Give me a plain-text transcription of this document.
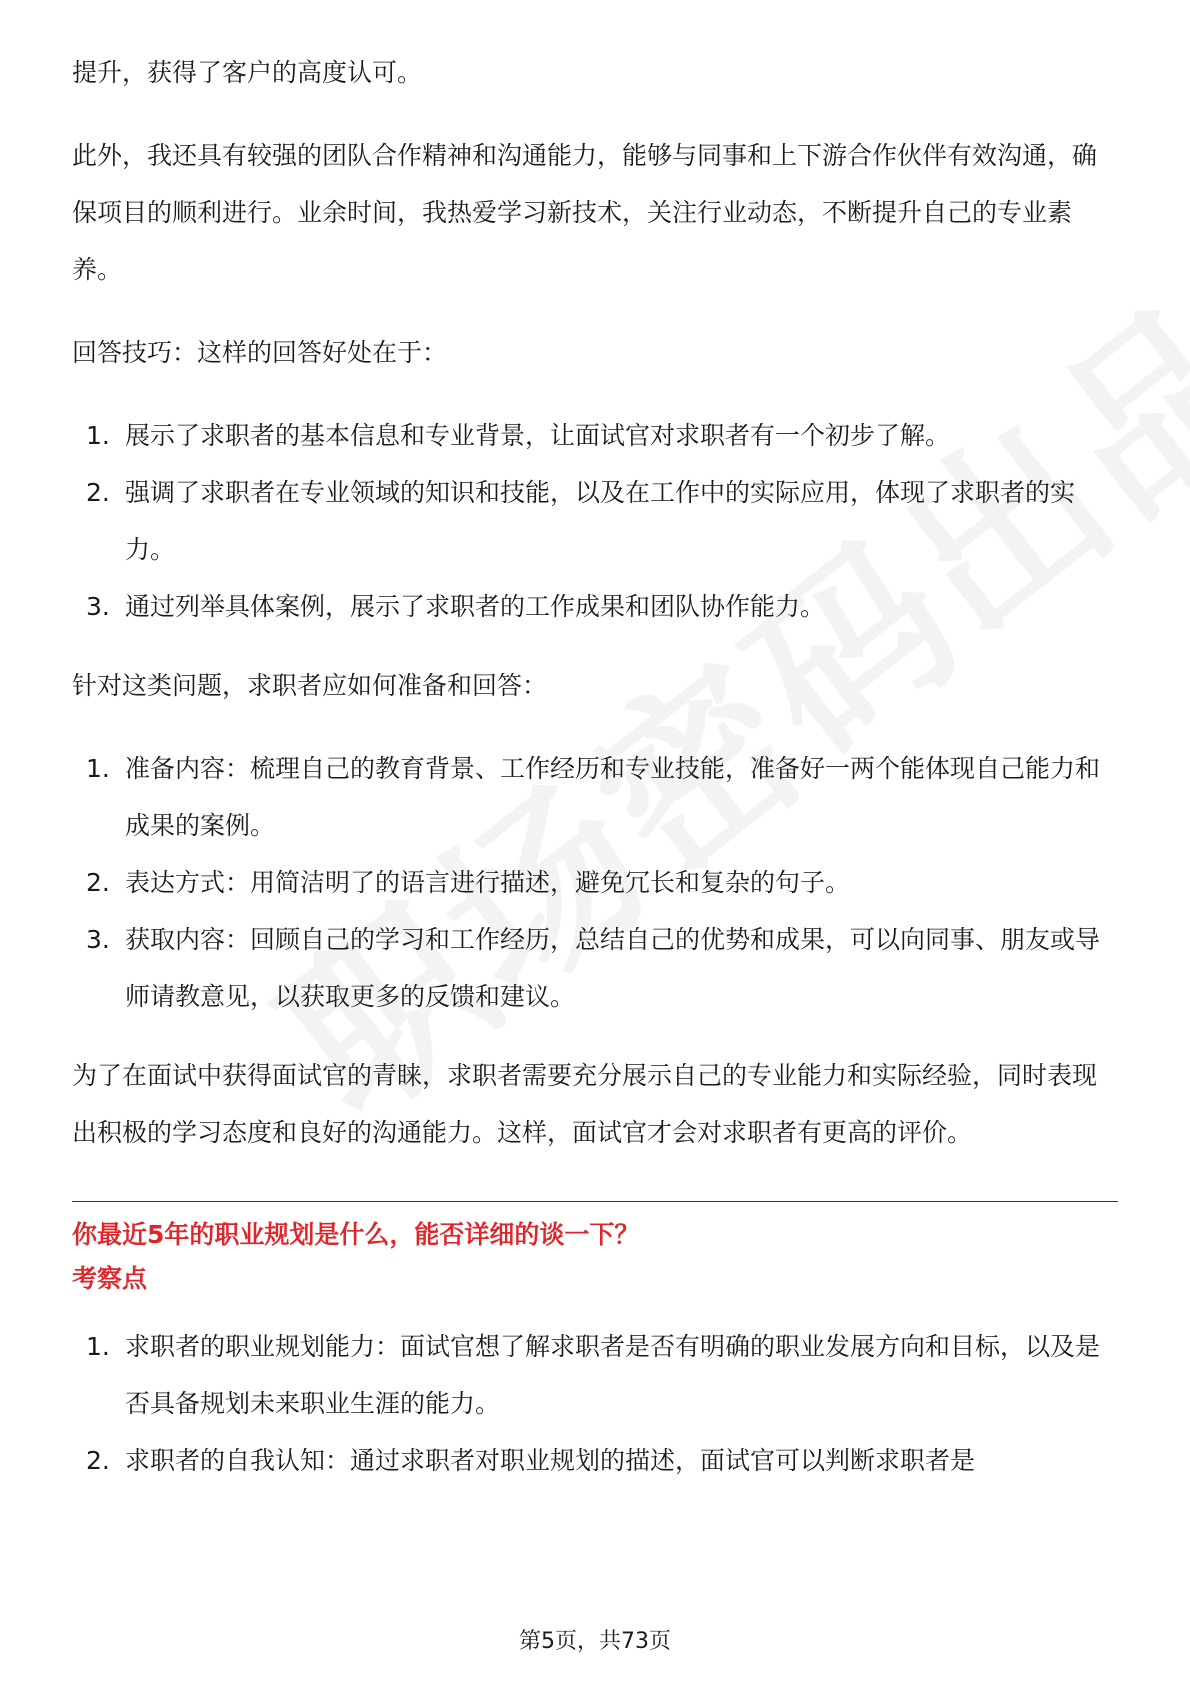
提升，获得了客户的高度认可。

此外，我还具有较强的团队合作精神和沟通能力，能够与同事和上下游合作伙伴有效沟通，确保项目的顺利进行。业余时间，我热爱学习新技术，关注行业动态，不断提升自己的专业素养。

回答技巧：这样的回答好处在于：

1. 展示了求职者的基本信息和专业背景，让面试官对求职者有一个初步了解。
2. 强调了求职者在专业领域的知识和技能，以及在工作中的实际应用，体现了求职者的实力。
3. 通过列举具体案例，展示了求职者的工作成果和团队协作能力。

针对这类问题，求职者应如何准备和回答：

1. 准备内容：梳理自己的教育背景、工作经历和专业技能，准备好一两个能体现自己能力和成果的案例。
2. 表达方式：用简洁明了的语言进行描述，避免冗长和复杂的句子。
3. 获取内容：回顾自己的学习和工作经历，总结自己的优势和成果，可以向同事、朋友或导师请教意见，以获取更多的反馈和建议。

为了在面试中获得面试官的青睐，求职者需要充分展示自己的专业能力和实际经验，同时表现出积极的学习态度和良好的沟通能力。这样，面试官才会对求职者有更高的评价。

你最近5年的职业规划是什么，能否详细的谈一下？
考察点
1. 求职者的职业规划能力：面试官想了解求职者是否有明确的职业发展方向和目标，以及是否具备规划未来职业生涯的能力。
2. 求职者的自我认知：通过求职者对职业规划的描述，面试官可以判断求职者是
第5页，共73页
